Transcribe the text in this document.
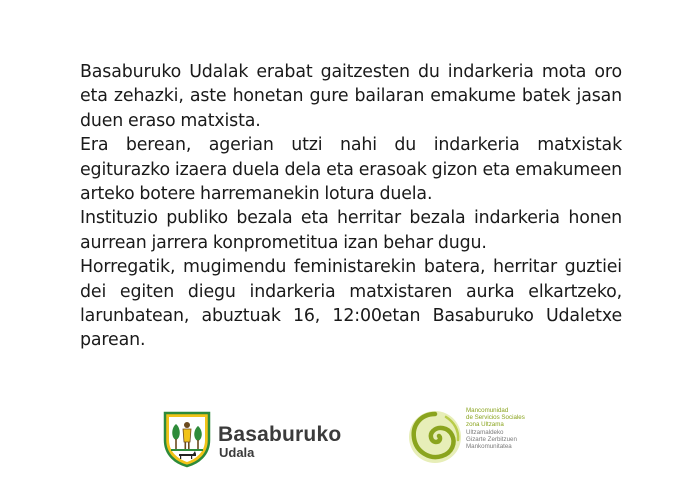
Basaburuko Udalak erabat gaitzesten du indarkeria mota oro eta zehazki, aste honetan gure bailaran emakume batek jasan duen eraso matxista.

Era berean, agerian utzi nahi du indarkeria matxistak egiturazko izaera duela dela eta erasoak gizon eta emakumeen arteko botere harremanekin lotura duela.

Instituzio publiko bezala eta herritar bezala indarkeria honen aurrean jarrera konprometitua izan behar dugu.

Horregatik, mugimendu feministarekin batera, herritar guztiei dei egiten diegu indarkeria matxistaren aurka elkartzeko, larunbatean, abuztuak 16, 12:00etan Basaburuko Udaletxe parean.

Basaburuko
Udala
Mancomunidad
de Servicios Sociales
zona Ultzama
Ultzamaldeko
Gizarte Zerbitzuen
Mankomunitatea
